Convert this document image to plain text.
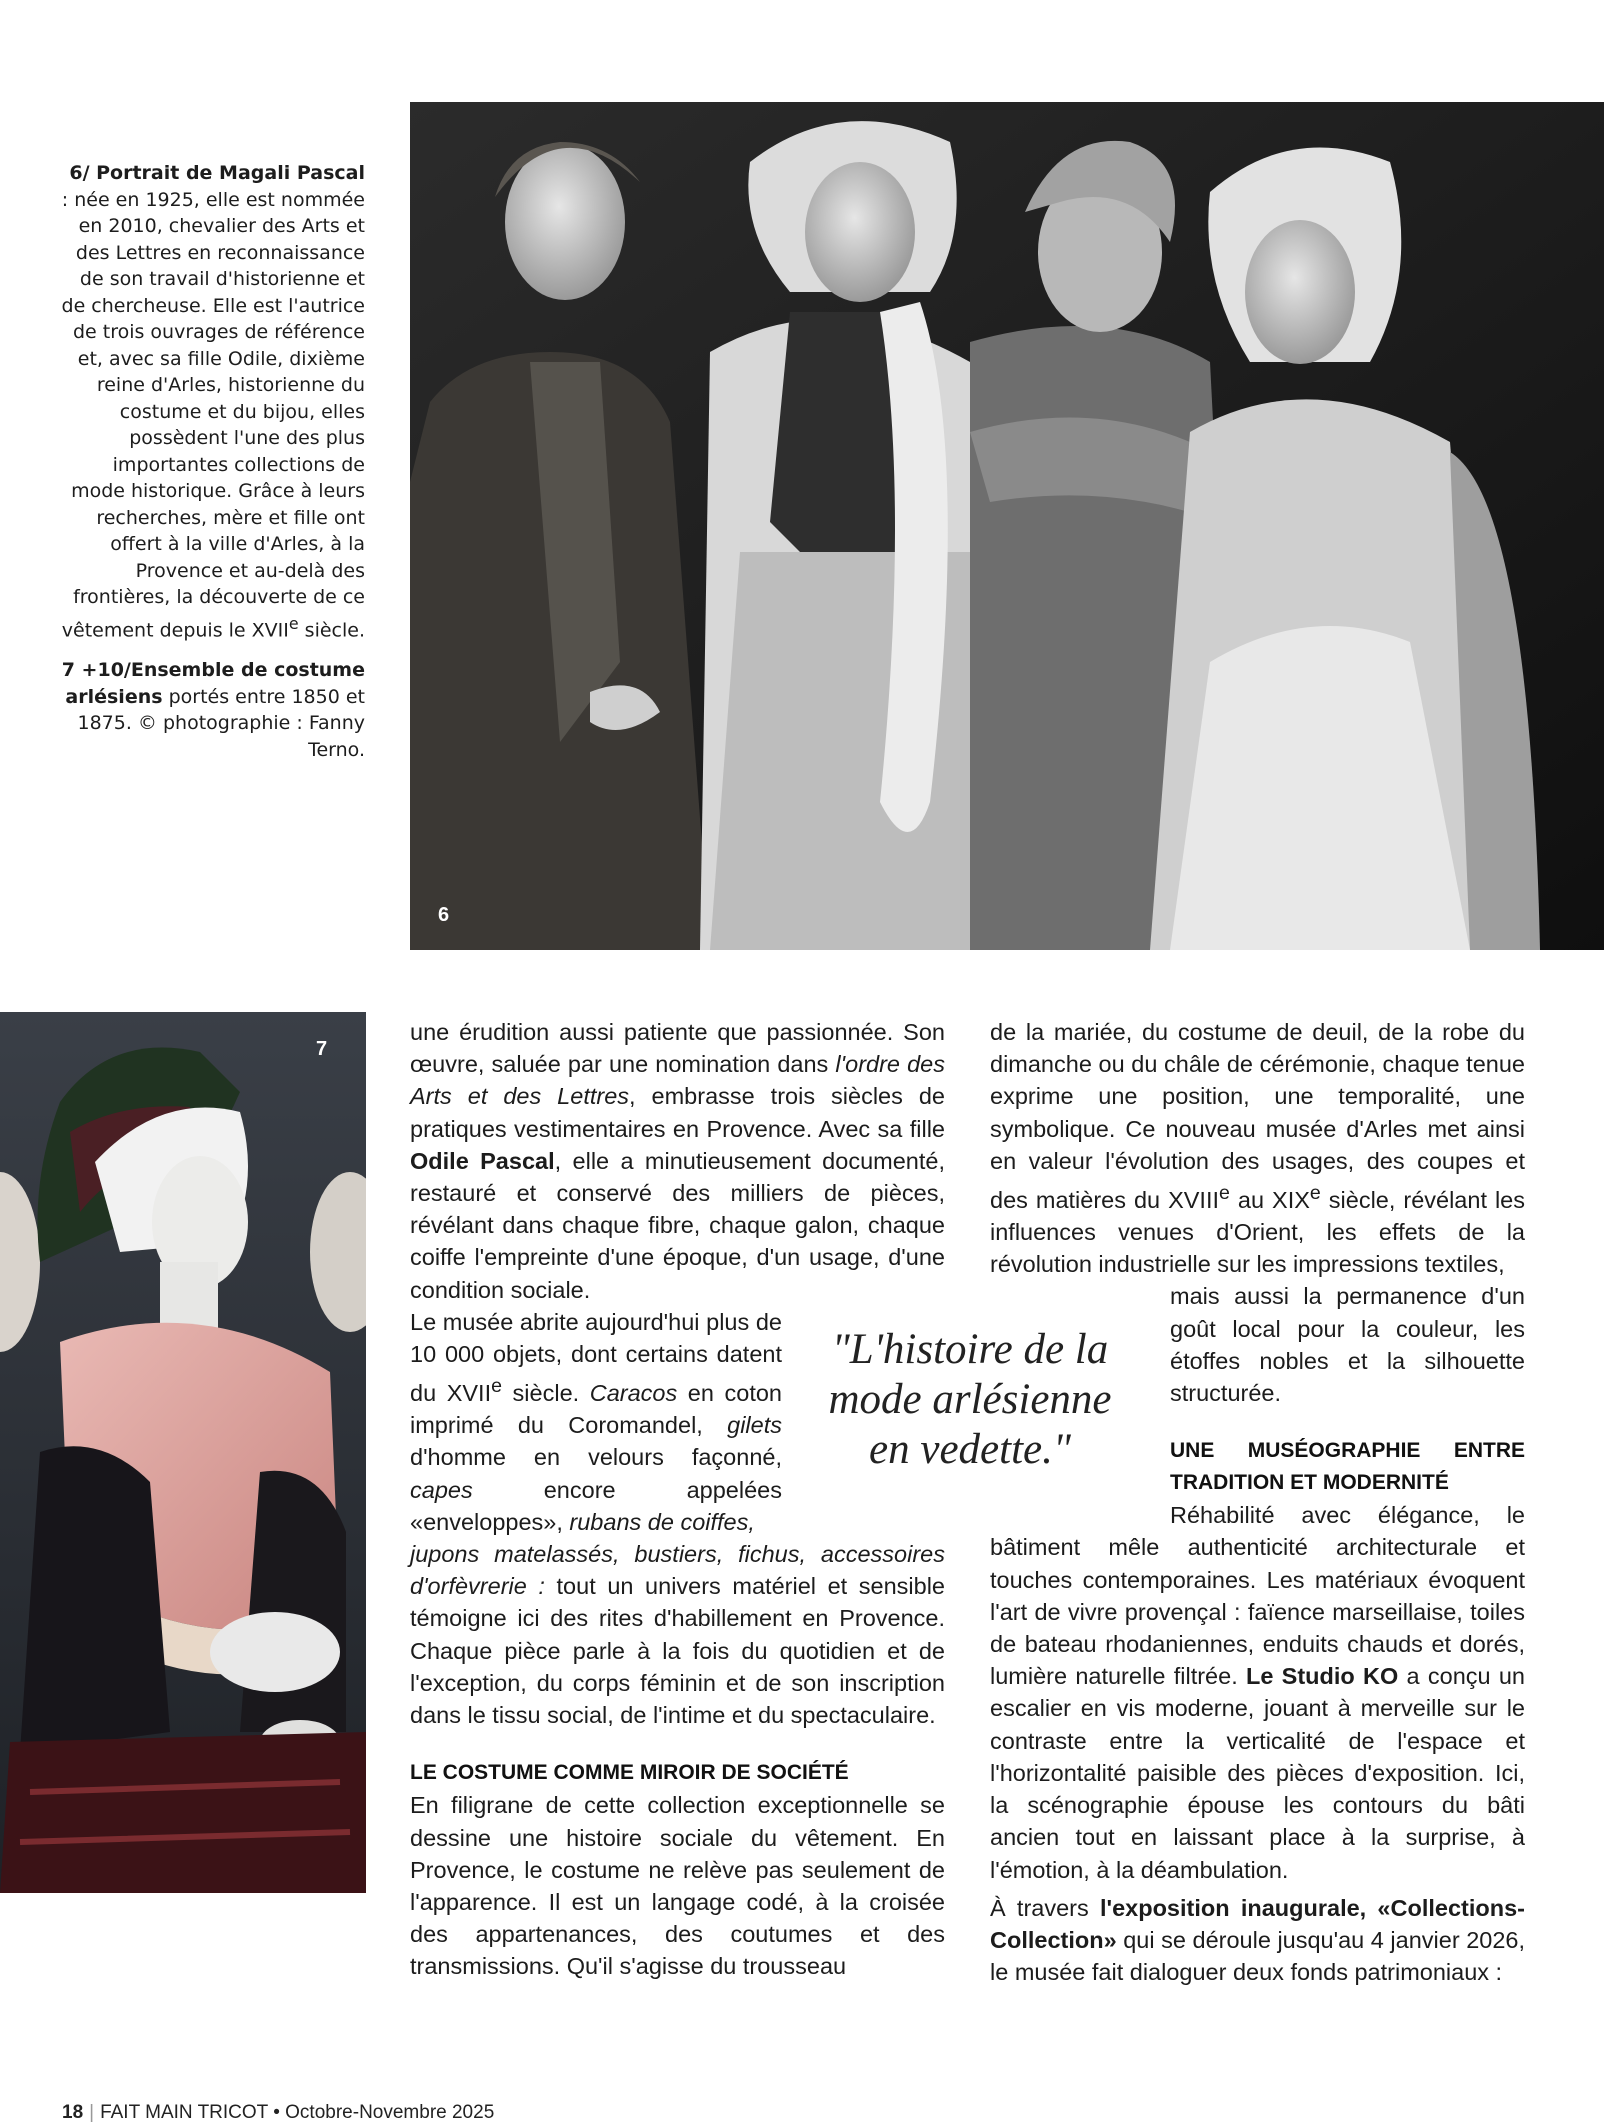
6/ Portrait de Magali Pascal : née en 1925, elle est nommée en 2010, chevalier des Arts et des Lettres en reconnaissance de son travail d'historienne et de chercheuse. Elle est l'autrice de trois ouvrages de référence et, avec sa fille Odile, dixième reine d'Arles, historienne du costume et du bijou, elles possèdent l'une des plus importantes collections de mode historique. Grâce à leurs recherches, mère et fille ont offert à la ville d'Arles, à la Provence et au-delà des frontières, la découverte de ce vêtement depuis le XVIIe siècle.

7 +10/Ensemble de costume arlésiens portés entre 1850 et 1875. © photographie : Fanny Terno.

6
7

une érudition aussi patiente que passionnée. Son œuvre, saluée par une nomination dans l'ordre des Arts et des Lettres, embrasse trois siècles de pratiques vestimentaires en Provence. Avec sa fille Odile Pascal, elle a minutieusement documenté, restauré et conservé des milliers de pièces, révélant dans chaque fibre, chaque galon, chaque coiffe l'empreinte d'une époque, d'un usage, d'une condition sociale.

Le musée abrite aujourd'hui plus de 10 000 objets, dont certains datent du XVIIe siècle. Caracos en coton imprimé du Coromandel, gilets d'homme en velours façonné, capes encore appelées «enveloppes», rubans de coiffes,

jupons matelassés, bustiers, fichus, accessoires d'orfèvrerie : tout un univers matériel et sensible témoigne ici des rites d'habillement en Provence. Chaque pièce parle à la fois du quotidien et de l'exception, du corps féminin et de son inscription dans le tissu social, de l'intime et du spectaculaire.

LE COSTUME COMME MIROIR DE SOCIÉTÉ

En filigrane de cette collection exceptionnelle se dessine une histoire sociale du vêtement. En Provence, le costume ne relève pas seulement de l'apparence. Il est un langage codé, à la croisée des appartenances, des coutumes et des transmissions. Qu'il s'agisse du trousseau

"L'histoire de la mode arlésienne en vedette."

de la mariée, du costume de deuil, de la robe du dimanche ou du châle de cérémonie, chaque tenue exprime une position, une temporalité, une symbolique. Ce nouveau musée d'Arles met ainsi en valeur l'évolution des usages, des coupes et des matières du XVIIIe au XIXe siècle, révélant les influences venues d'Orient, les effets de la révolution industrielle sur les impressions textiles,

mais aussi la permanence d'un goût local pour la couleur, les étoffes nobles et la silhouette structurée.

UNE MUSÉOGRAPHIE ENTRE TRADITION ET MODERNITÉ

Réhabilité avec élégance, le bâtiment mêle authenticité architecturale et touches contemporaines. Les matériaux évoquent l'art de vivre provençal : faïence marseillaise, toiles de bateau rhodaniennes, enduits chauds et dorés, lumière naturelle filtrée. Le Studio KO a conçu un escalier en vis moderne, jouant à merveille sur le contraste entre la verticalité de l'espace et l'horizontalité paisible des pièces d'exposition. Ici, la scénographie épouse les contours du bâti ancien tout en laissant place à la surprise, à l'émotion, à la déambulation.

À travers l'exposition inaugurale, «Collections-Collection» qui se déroule jusqu'au 4 janvier 2026, le musée fait dialoguer deux fonds patrimoniaux :

18 | FAIT MAIN TRICOT • Octobre-Novembre 2025
